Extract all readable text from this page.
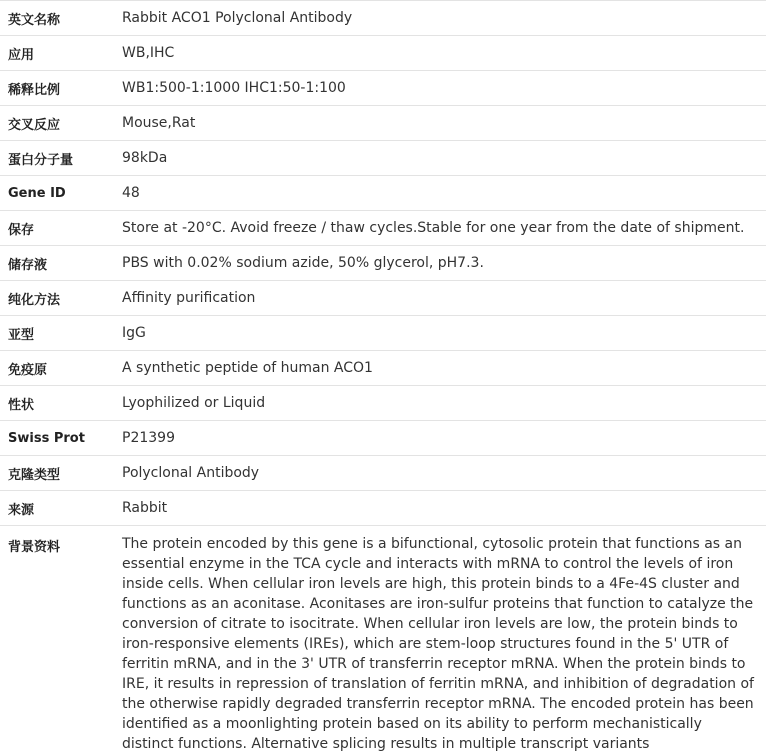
英文名称	Rabbit ACO1 Polyclonal Antibody
应用	WB,IHC
稀释比例	WB1:500-1:1000 IHC1:50-1:100
交叉反应	Mouse,Rat
蛋白分子量	98kDa
Gene ID	48
保存	Store at -20°C. Avoid freeze / thaw cycles.Stable for one year from the date of shipment.
储存液	PBS with 0.02% sodium azide, 50% glycerol, pH7.3.
纯化方法	Affinity purification
亚型	IgG
免疫原	A synthetic peptide of human ACO1
性状	Lyophilized or Liquid
Swiss Prot	P21399
克隆类型	Polyclonal Antibody
来源	Rabbit
背景资料	The protein encoded by this gene is a bifunctional, cytosolic protein that functions as an essential enzyme in the TCA cycle and interacts with mRNA to control the levels of iron inside cells. When cellular iron levels are high, this protein binds to a 4Fe-4S cluster and functions as an aconitase. Aconitases are iron-sulfur proteins that function to catalyze the conversion of citrate to isocitrate. When cellular iron levels are low, the protein binds to iron-responsive elements (IREs), which are stem-loop structures found in the 5' UTR of ferritin mRNA, and in the 3' UTR of transferrin receptor mRNA. When the protein binds to IRE, it results in repression of translation of ferritin mRNA, and inhibition of degradation of the otherwise rapidly degraded transferrin receptor mRNA. The encoded protein has been identified as a moonlighting protein based on its ability to perform mechanistically distinct functions. Alternative splicing results in multiple transcript variants
